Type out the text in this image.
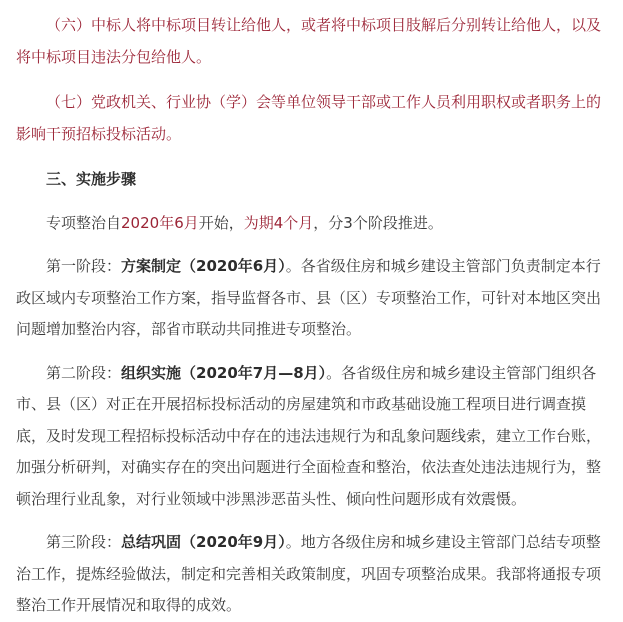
（六）中标人将中标项目转让给他人，或者将中标项目肢解后分别转让给他人，以及将中标项目违法分包给他人。

（七）党政机关、行业协（学）会等单位领导干部或工作人员利用职权或者职务上的影响干预招标投标活动。

三、实施步骤

专项整治自2020年6月开始，为期4个月，分3个阶段推进。

第一阶段：方案制定（2020年6月）。各省级住房和城乡建设主管部门负责制定本行政区域内专项整治工作方案，指导监督各市、县（区）专项整治工作，可针对本地区突出问题增加整治内容，部省市联动共同推进专项整治。

第二阶段：组织实施（2020年7月—8月）。各省级住房和城乡建设主管部门组织各市、县（区）对正在开展招标投标活动的房屋建筑和市政基础设施工程项目进行调查摸底，及时发现工程招标投标活动中存在的违法违规行为和乱象问题线索，建立工作台账，加强分析研判，对确实存在的突出问题进行全面检查和整治，依法查处违法违规行为，整顿治理行业乱象，对行业领域中涉黑涉恶苗头性、倾向性问题形成有效震慑。

第三阶段：总结巩固（2020年9月）。地方各级住房和城乡建设主管部门总结专项整治工作，提炼经验做法，制定和完善相关政策制度，巩固专项整治成果。我部将通报专项整治工作开展情况和取得的成效。
